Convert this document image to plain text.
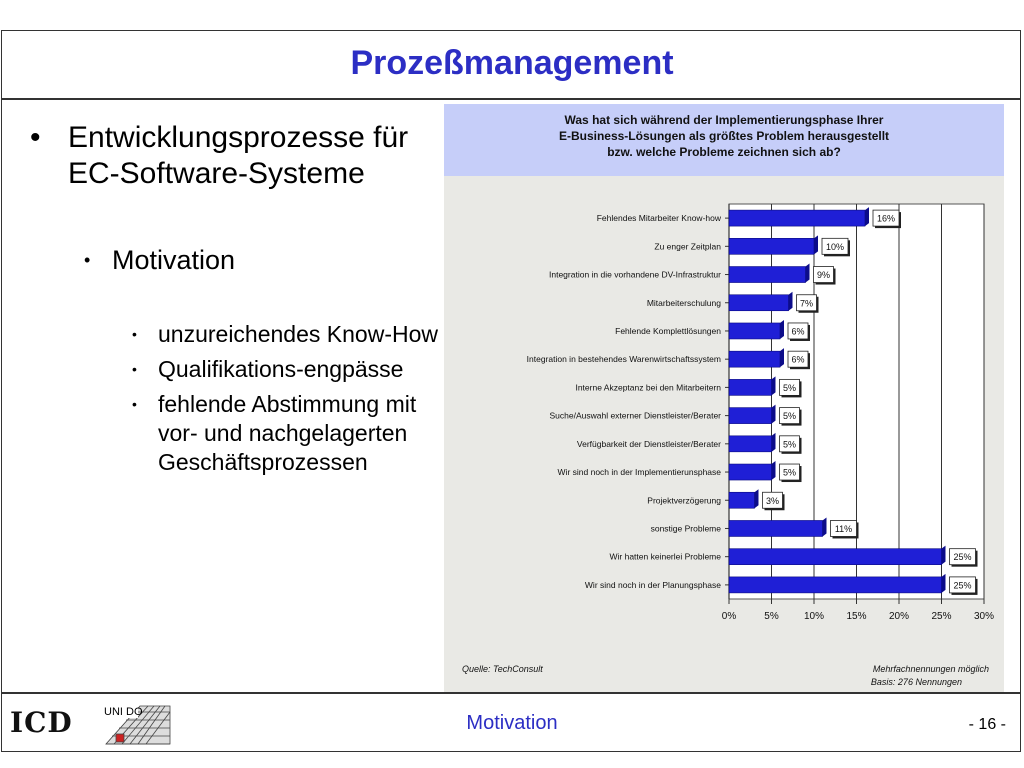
Prozeßmanagement
• Entwicklungsprozesse für EC-Software-Systeme
• Motivation
• unzureichendes Know-How
• Qualifikations-engpässe
• fehlende Abstimmung mit vor- und nachgelagerten Geschäftsprozessen
Was hat sich während der Implementierungsphase Ihrer
E-Business-Lösungen als größtes Problem herausgestellt
bzw. welche Probleme zeichnen sich ab?
0%	5%	10% 15% 20% 25% 30%
Fehlendes Mitarbeiter Know-how	16%
Zu enger Zeitplan	10%
Integration in die vorhandene DV-Infrastruktur	9%
Mitarbeiterschulung	7%
Fehlende Komplettlösungen	6%
Integration in bestehendes Warenwirtschaftssystem	6%
Interne Akzeptanz bei den Mitarbeitern	5%
Suche/Auswahl externer Dienstleister/Berater	5%
Verfügbarkeit der Dienstleister/Berater	5%
Wir sind noch in der Implementierunsphase	5%
Projektverzögerung	3%
sonstige Probleme	11%
Wir hatten keinerlei Probleme	25%
Wir sind noch in der Planungsphase	25%
Quelle: TechConsult	Mehrfachnennungen möglich
Basis: 276 Nennungen
ICD	UNI DO	Motivation	- 16 -
